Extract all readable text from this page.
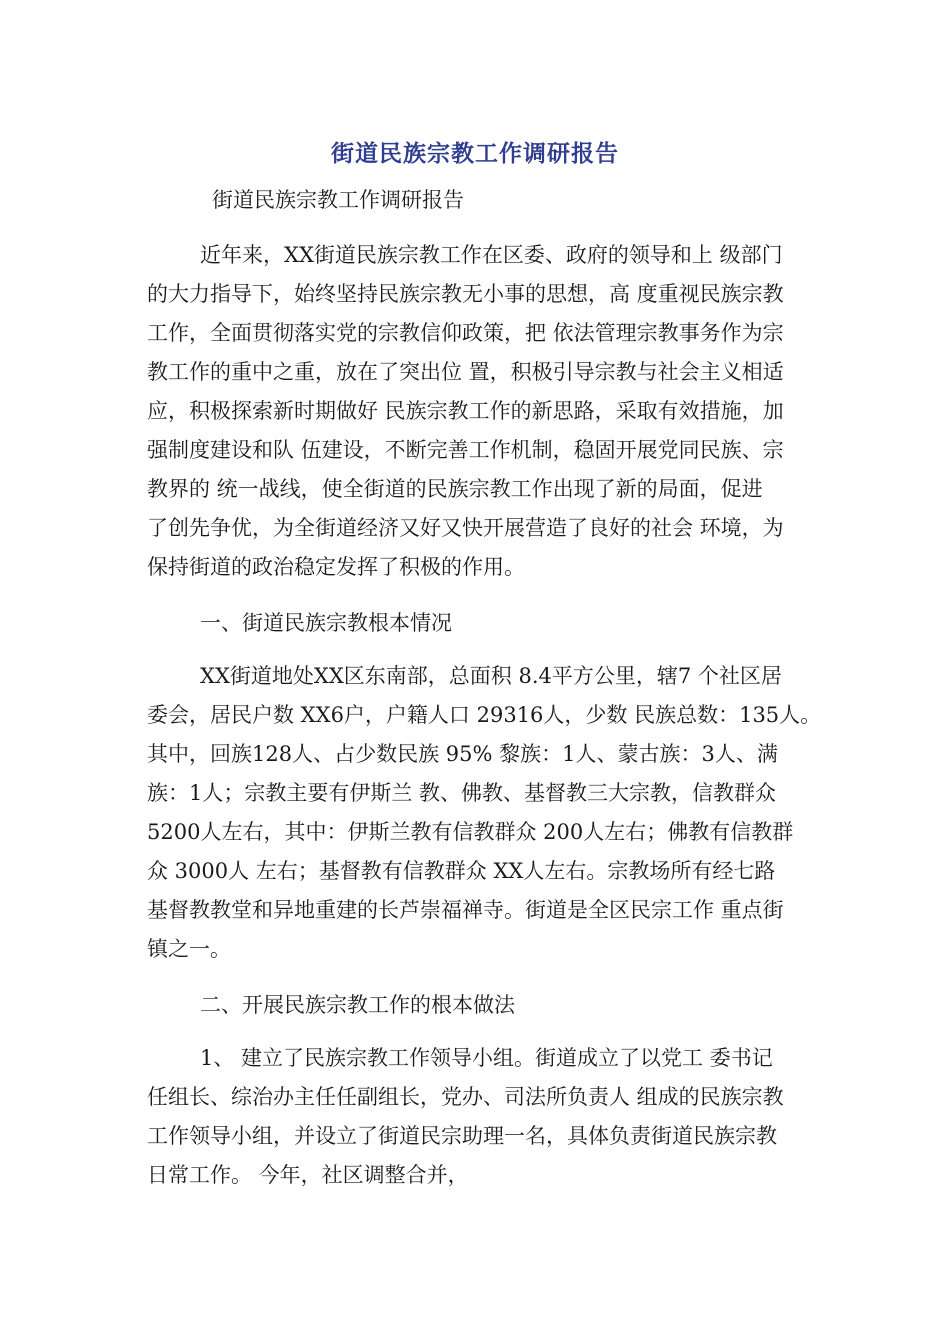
街道民族宗教工作调研报告
街道民族宗教工作调研报告
近年来，XX街道民族宗教工作在区委、政府的领导和上 级部门
的大力指导下，始终坚持民族宗教无小事的思想，高 度重视民族宗教
工作，全面贯彻落实党的宗教信仰政策，把 依法管理宗教事务作为宗
教工作的重中之重，放在了突出位 置，积极引导宗教与社会主义相适
应，积极探索新时期做好 民族宗教工作的新思路，采取有效措施，加
强制度建设和队 伍建设，不断完善工作机制，稳固开展党同民族、宗
教界的 统一战线，使全街道的民族宗教工作出现了新的局面，促进
了创先争优，为全街道经济又好又快开展营造了良好的社会 环境，为
保持街道的政治稳定发挥了积极的作用。
一、街道民族宗教根本情况
XX街道地处XX区东南部，总面积 8.4平方公里，辖7 个社区居
委会，居民户数 XX6户，户籍人口 29316人，少数 民族总数：135人。
其中，回族128人、占少数民族 95% 黎族：1人、蒙古族：3人、满
族：1人；宗教主要有伊斯兰 教、佛教、基督教三大宗教，信教群众
5200人左右，其中：伊斯兰教有信教群众 200人左右；佛教有信教群
众 3000人 左右；基督教有信教群众 XX人左右。宗教场所有经七路
基督教教堂和异地重建的长芦崇福禅寺。街道是全区民宗工作 重点街
镇之一。
二、开展民族宗教工作的根本做法
1、 建立了民族宗教工作领导小组。街道成立了以党工 委书记
任组长、综治办主任任副组长，党办、司法所负责人 组成的民族宗教
工作领导小组，并设立了街道民宗助理一名，具体负责街道民族宗教
日常工作。 今年，社区调整合并，
